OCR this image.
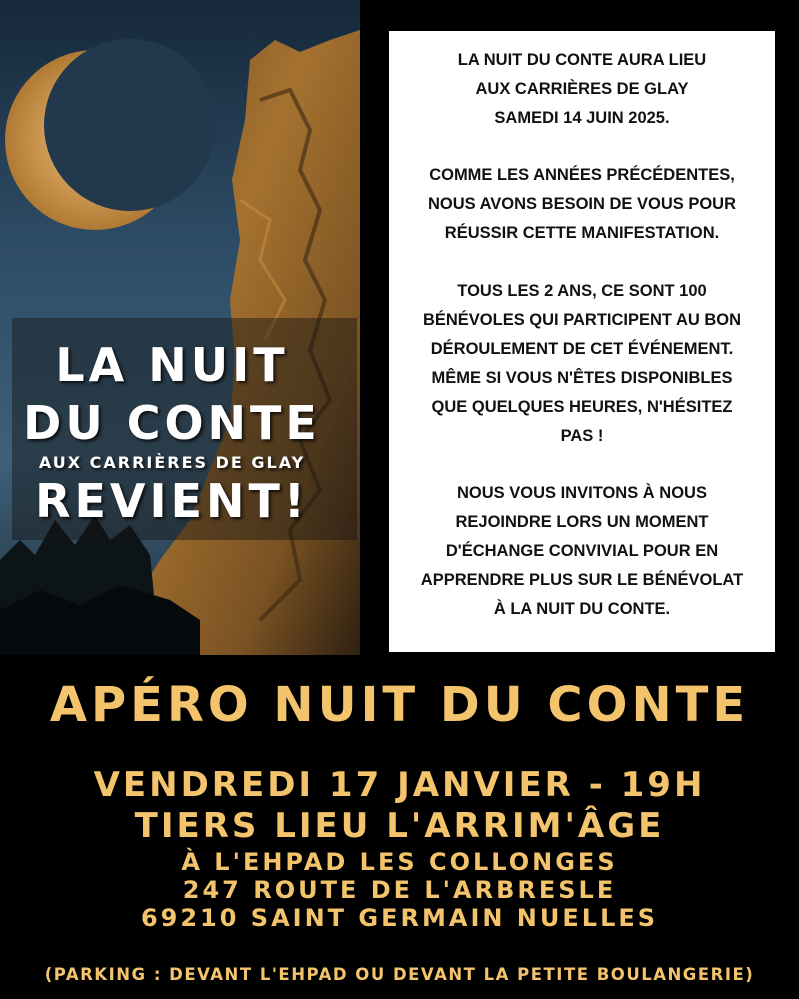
LA NUIT
DU CONTE
AUX CARRIÈRES DE GLAY
REVIENT!

LA NUIT DU CONTE AURA LIEU

AUX CARRIÈRES DE GLAY

SAMEDI 14 JUIN 2025.

COMME LES ANNÉES PRÉCÉDENTES,

NOUS AVONS BESOIN DE VOUS POUR

RÉUSSIR CETTE MANIFESTATION.

TOUS LES 2 ANS, CE SONT 100

BÉNÉVOLES QUI PARTICIPENT AU BON

DÉROULEMENT DE CET ÉVÉNEMENT.

MÊME SI VOUS N'ÊTES DISPONIBLES

QUE QUELQUES HEURES, N'HÉSITEZ

PAS !

NOUS VOUS INVITONS À NOUS

REJOINDRE LORS UN MOMENT

D'ÉCHANGE CONVIVIAL POUR EN

APPRENDRE PLUS SUR LE BÉNÉVOLAT

À LA NUIT DU CONTE.

APÉRO NUIT DU CONTE
VENDREDI 17 JANVIER - 19H
TIERS LIEU L'ARRIM'ÂGE
À L'EHPAD LES COLLONGES
247 ROUTE DE L'ARBRESLE
69210 SAINT GERMAIN NUELLES
(PARKING : DEVANT L'EHPAD OU DEVANT LA PETITE BOULANGERIE)
